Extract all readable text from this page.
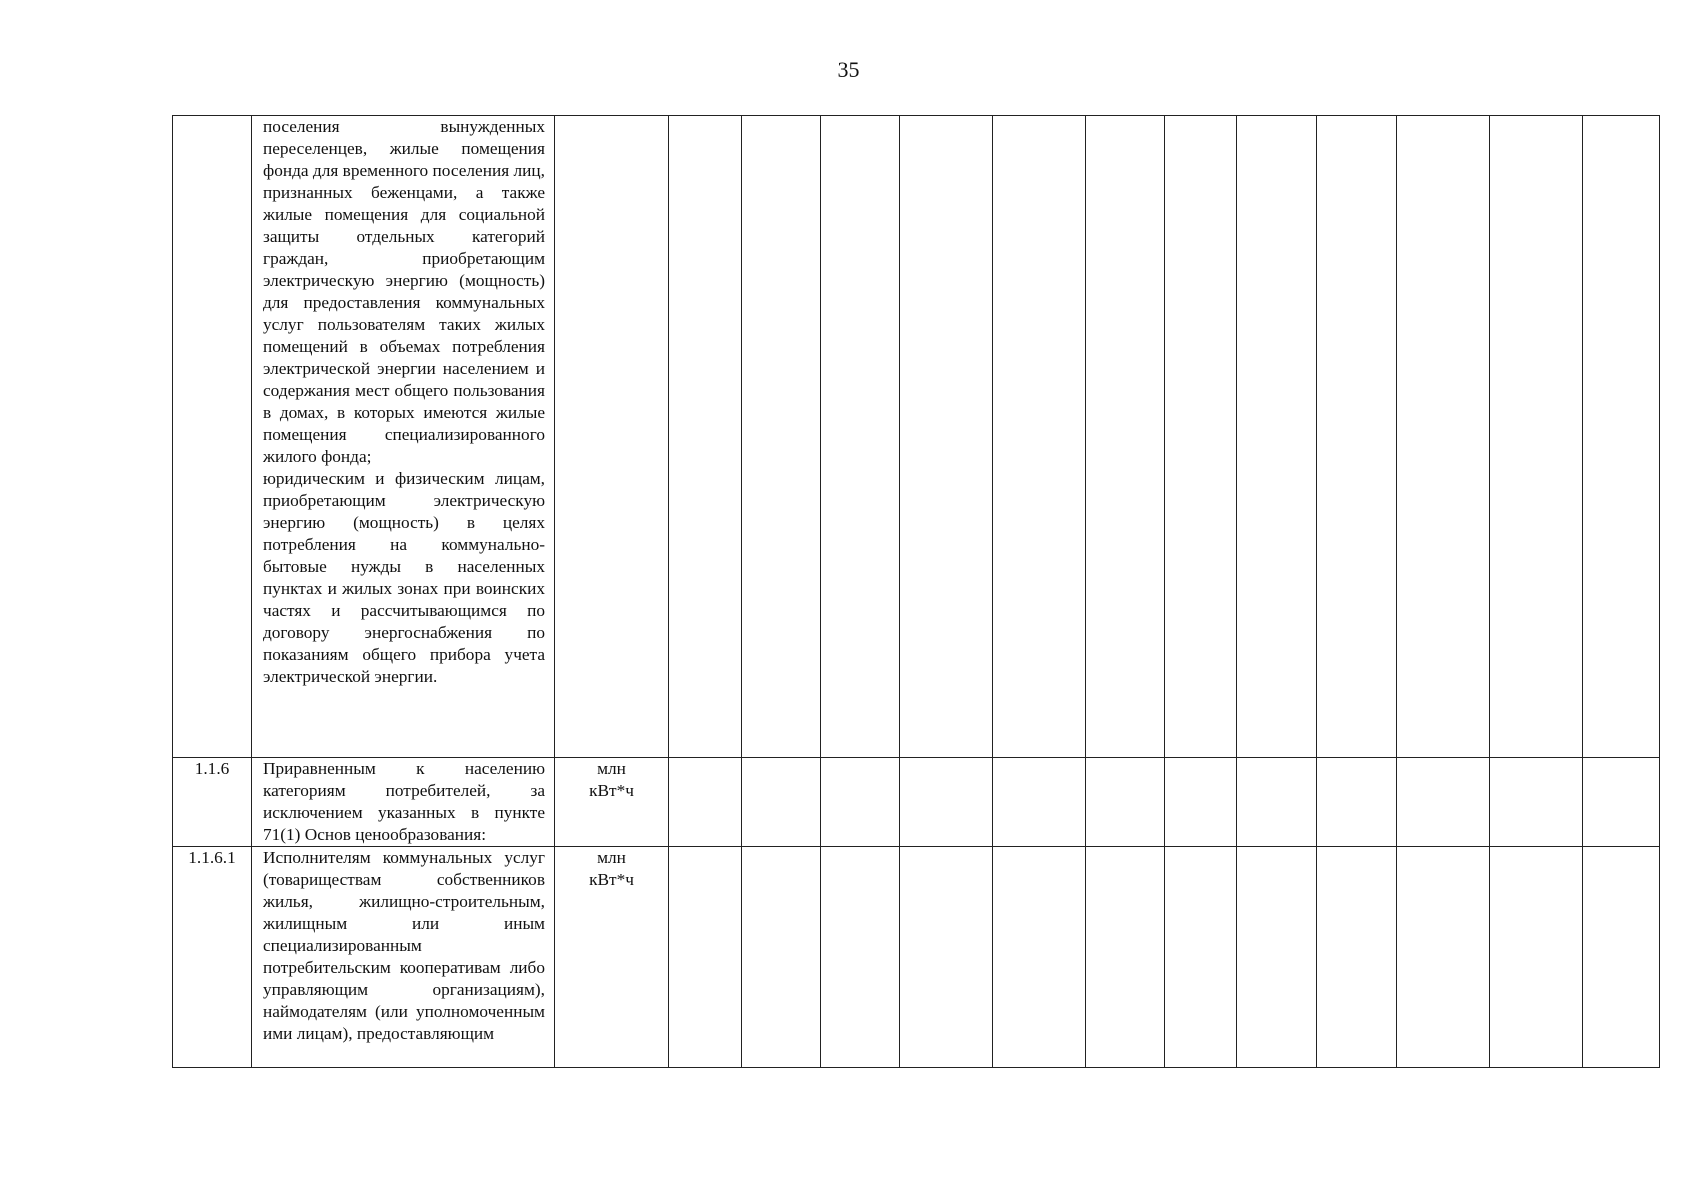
35

	поселения вынужденных переселенцев, жилые помещения фонда для временного поселения лиц, признанных беженцами, а также жилые помещения для социальной защиты отдельных категорий граждан, приобретающим электрическую энергию (мощность) для предоставления коммунальных услуг пользователям таких жилых помещений в объемах потребления электрической энергии населением и содержания мест общего пользования в домах, в которых имеются жилые помещения специализированного жилого фонда;

юридическим и физическим лицам, приобретающим электрическую энергию (мощность) в целях потребления на коммунально-бытовые нужды в населенных пунктах и жилых зонах при воинских частях и рассчитывающимся по договору энергоснабжения по показаниям общего прибора учета электрической энергии.													

1.1.6	Приравненным к населению категориям потребителей, за исключением указанных в пункте 71(1) Основ ценообразования:	млн
кВт*ч												

1.1.6.1	Исполнителям коммунальных услуг (товариществам собственников жилья, жилищно-строительным, жилищным или иным специализированным потребительским кооперативам либо управляющим организациям), наймодателям (или уполномоченным ими лицам), предоставляющим	млн
кВт*ч												
